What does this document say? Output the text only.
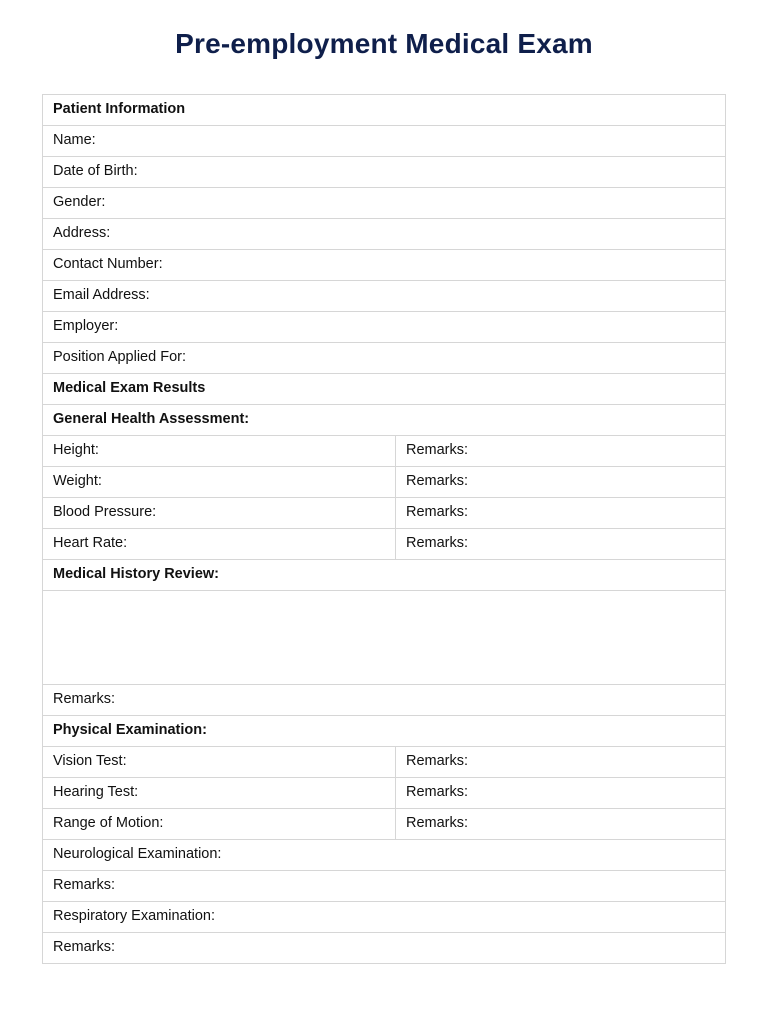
Pre-employment Medical Exam
Patient Information	
Name:	
Date of Birth:	
Gender:	
Address:	
Contact Number:	
Email Address:	
Employer:	
Position Applied For:	
Medical Exam Results	
General Health Assessment:	
Height:	Remarks:
Weight:	Remarks:
Blood Pressure:	Remarks:
Heart Rate:	Remarks:
Medical History Review:	

Remarks:	
Physical Examination:	
Vision Test:	Remarks:
Hearing Test:	Remarks:
Range of Motion:	Remarks:
Neurological Examination:	
Remarks:	
Respiratory Examination:	
Remarks:	
